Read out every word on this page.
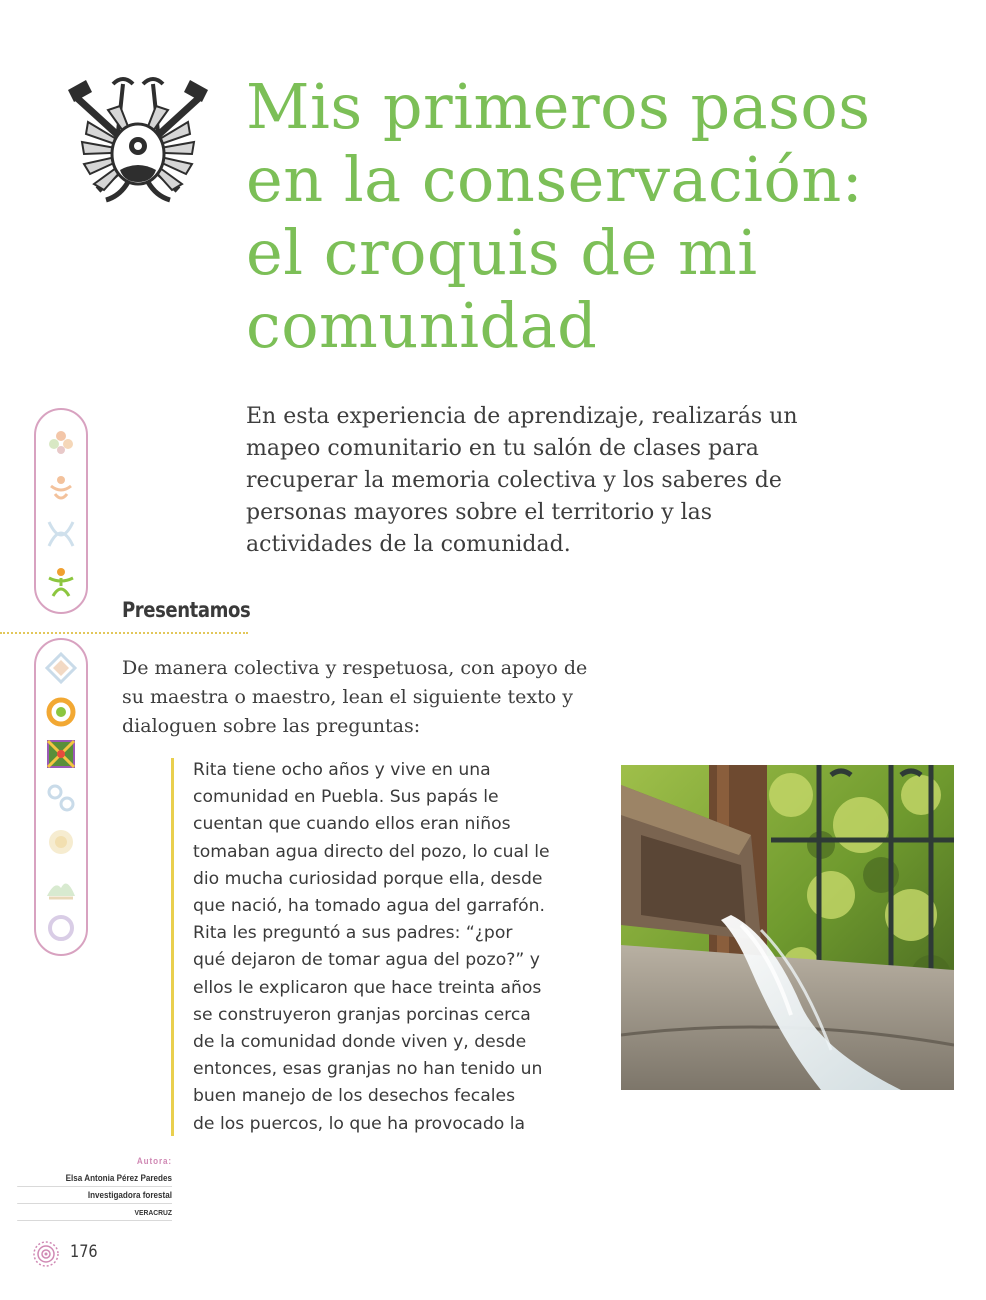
Mis primeros pasos
en la conservación:
el croquis de mi
comunidad

En esta experiencia de aprendizaje, realizarás un mapeo comunitario en tu salón de clases para recuperar la memoria colectiva y los saberes de personas mayores sobre el territorio y las actividades de la comunidad.

Presentamos

De manera colectiva y respetuosa, con apoyo de su maestra o maestro, lean el siguiente texto y dialoguen sobre las preguntas:

Rita tiene ocho años y vive en una
comunidad en Puebla. Sus papás le
cuentan que cuando ellos eran niños
tomaban agua directo del pozo, lo cual le
dio mucha curiosidad porque ella, desde
que nació, ha tomado agua del garrafón.
Rita les preguntó a sus padres: “¿por
qué dejaron de tomar agua del pozo?” y
ellos le explicaron que hace treinta años
se construyeron granjas porcinas cerca
de la comunidad donde viven y, desde
entonces, esas granjas no han tenido un
buen manejo de los desechos fecales
de los puercos, lo que ha provocado la
Autora:
Elsa Antonia Pérez Paredes
Investigadora forestal
VERACRUZ
176
